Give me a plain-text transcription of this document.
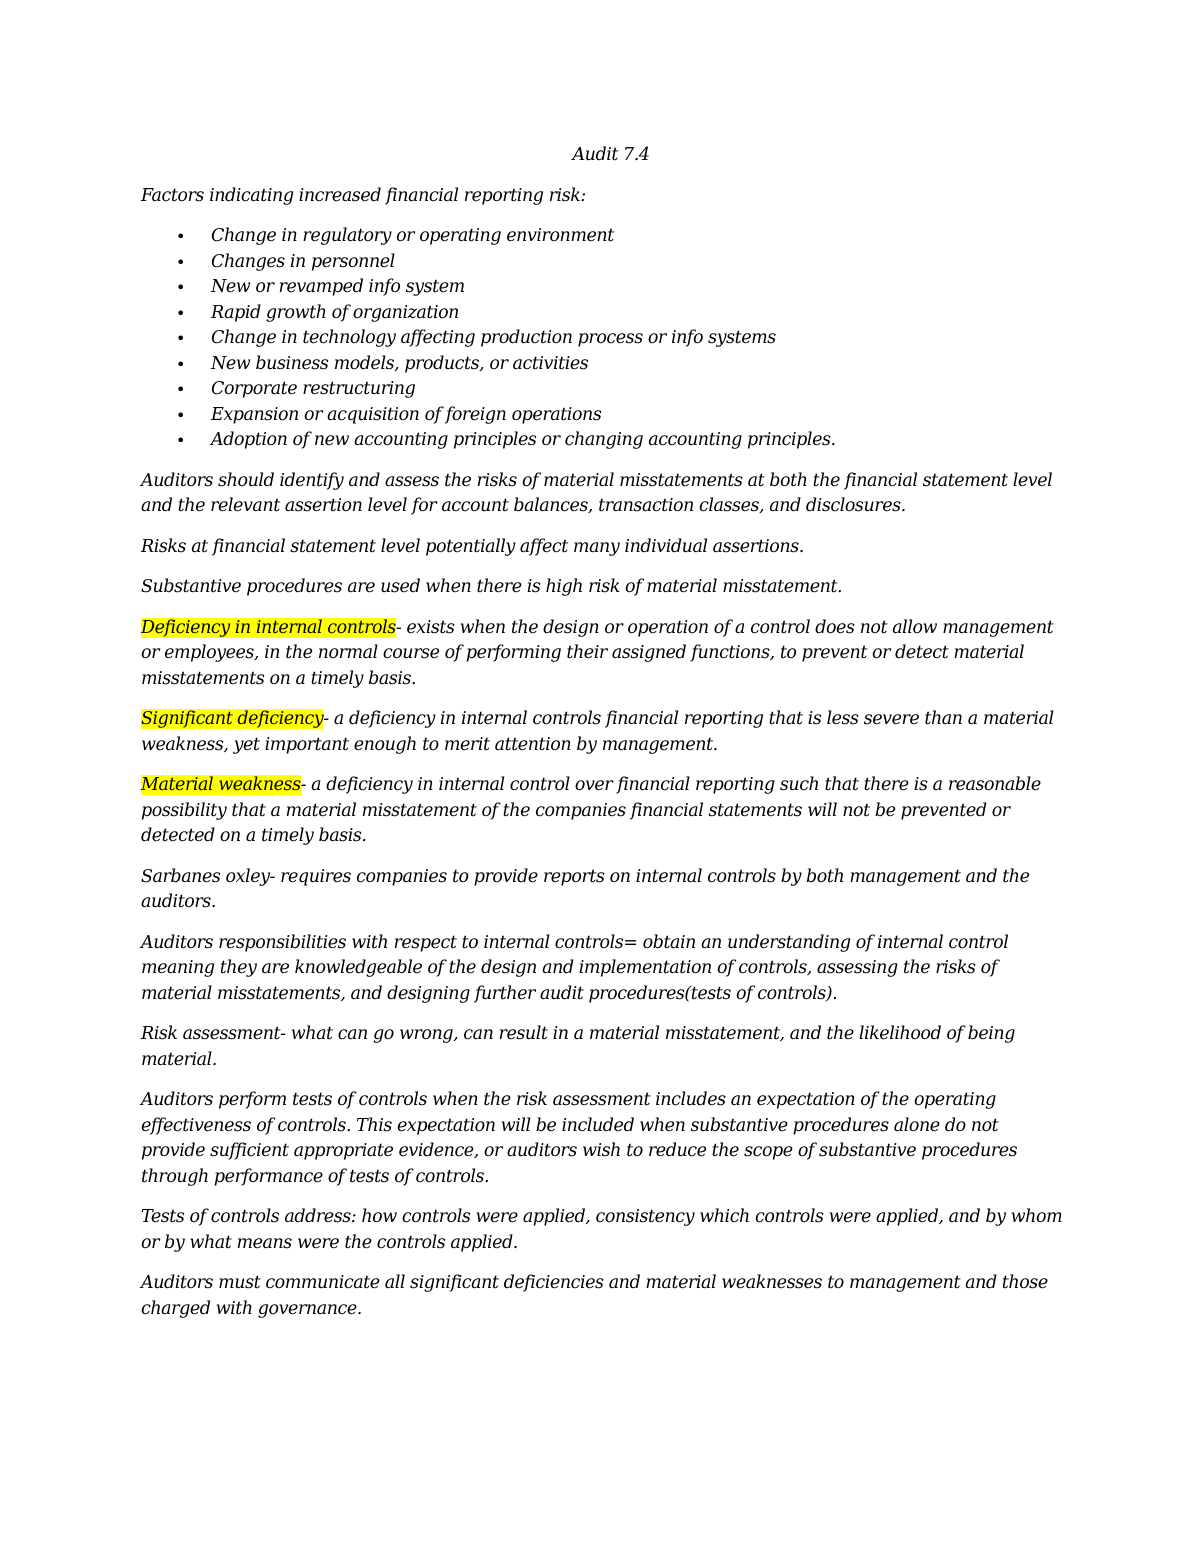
Audit 7.4

Factors indicating increased financial reporting risk:

• Change in regulatory or operating environment
• Changes in personnel
• New or revamped info system
• Rapid growth of organization
• Change in technology affecting production process or info systems
• New business models, products, or activities
• Corporate restructuring
• Expansion or acquisition of foreign operations
• Adoption of new accounting principles or changing accounting principles.

Auditors should identify and assess the risks of material misstatements at both the financial statement level and the relevant assertion level for account balances, transaction classes, and disclosures.

Risks at financial statement level potentially affect many individual assertions.

Substantive procedures are used when there is high risk of material misstatement.

Deficiency in internal controls- exists when the design or operation of a control does not allow management or employees, in the normal course of performing their assigned functions, to prevent or detect material misstatements on a timely basis.

Significant deficiency- a deficiency in internal controls financial reporting that is less severe than a material weakness, yet important enough to merit attention by management.

Material weakness- a deficiency in internal control over financial reporting such that there is a reasonable possibility that a material misstatement of the companies financial statements will not be prevented or detected on a timely basis.

Sarbanes oxley- requires companies to provide reports on internal controls by both management and the auditors.

Auditors responsibilities with respect to internal controls= obtain an understanding of internal control meaning they are knowledgeable of the design and implementation of controls, assessing the risks of material misstatements, and designing further audit procedures(tests of controls).

Risk assessment- what can go wrong, can result in a material misstatement, and the likelihood of being material.

Auditors perform tests of controls when the risk assessment includes an expectation of the operating effectiveness of controls. This expectation will be included when substantive procedures alone do not provide sufficient appropriate evidence, or auditors wish to reduce the scope of substantive procedures through performance of tests of controls.

Tests of controls address: how controls were applied, consistency which controls were applied, and by whom or by what means were the controls applied.

Auditors must communicate all significant deficiencies and material weaknesses to management and those charged with governance.
